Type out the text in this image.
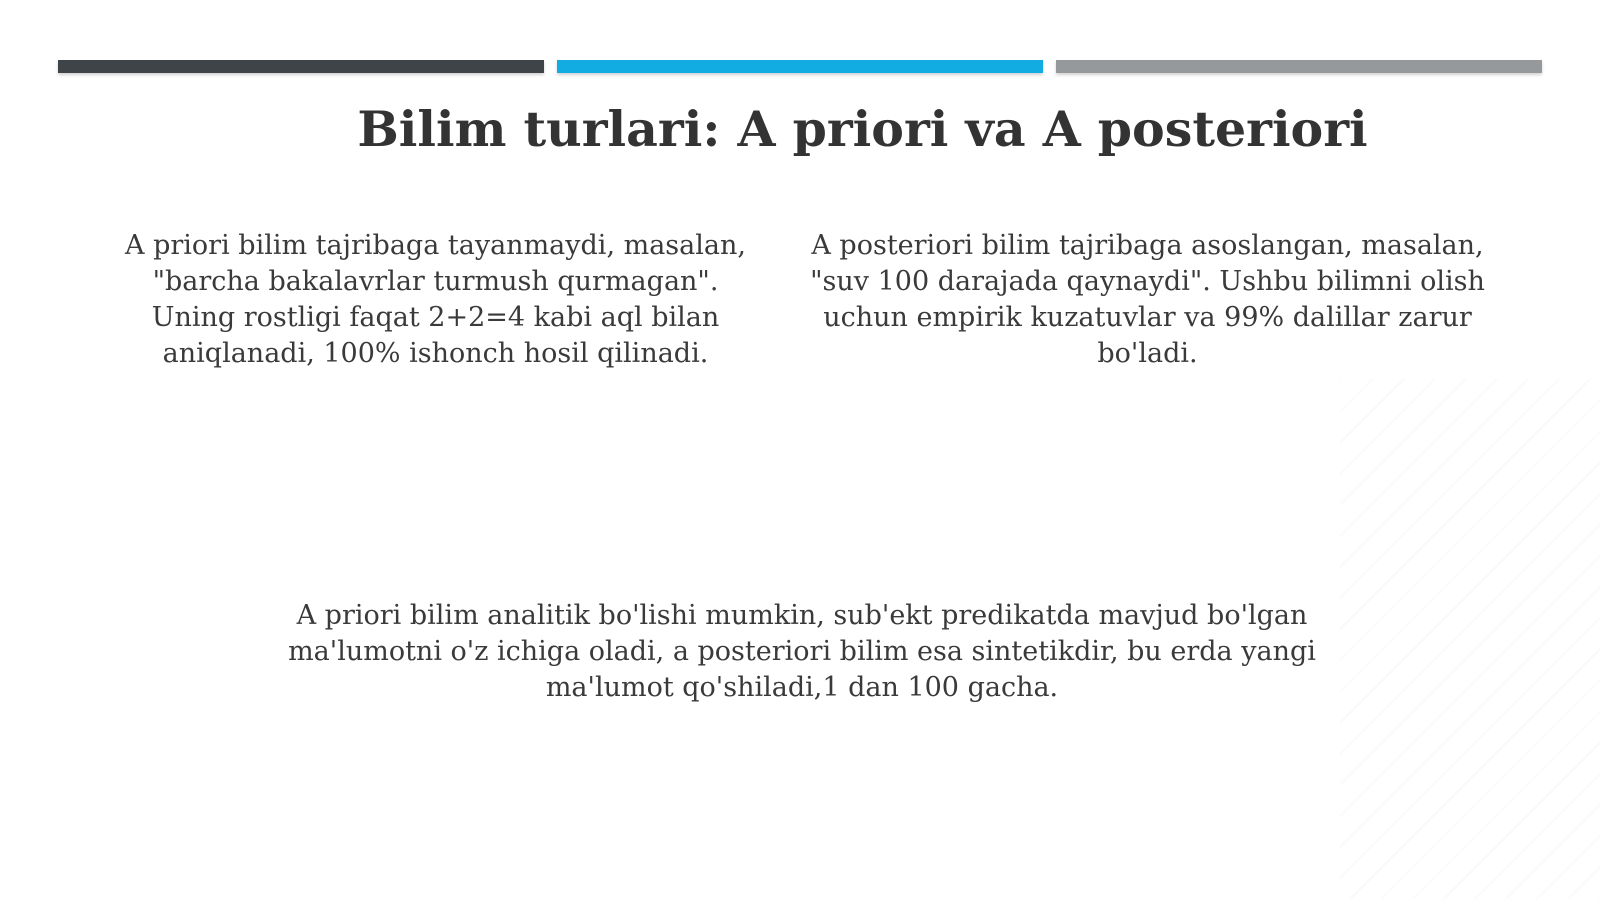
Bilim turlari: A priori va A posteriori
A priori bilim tajribaga tayanmaydi, masalan, "barcha bakalavrlar turmush qurmagan". Uning rostligi faqat 2+2=4 kabi aql bilan aniqlanadi, 100% ishonch hosil qilinadi.
A posteriori bilim tajribaga asoslangan, masalan, "suv 100 darajada qaynaydi". Ushbu bilimni olish uchun empirik kuzatuvlar va 99% dalillar zarur bo'ladi.
A priori bilim analitik bo'lishi mumkin, sub'ekt predikatda mavjud bo'lgan ma'lumotni o'z ichiga oladi, a posteriori bilim esa sintetikdir, bu erda yangi ma'lumot qo'shiladi,1 dan 100 gacha.
